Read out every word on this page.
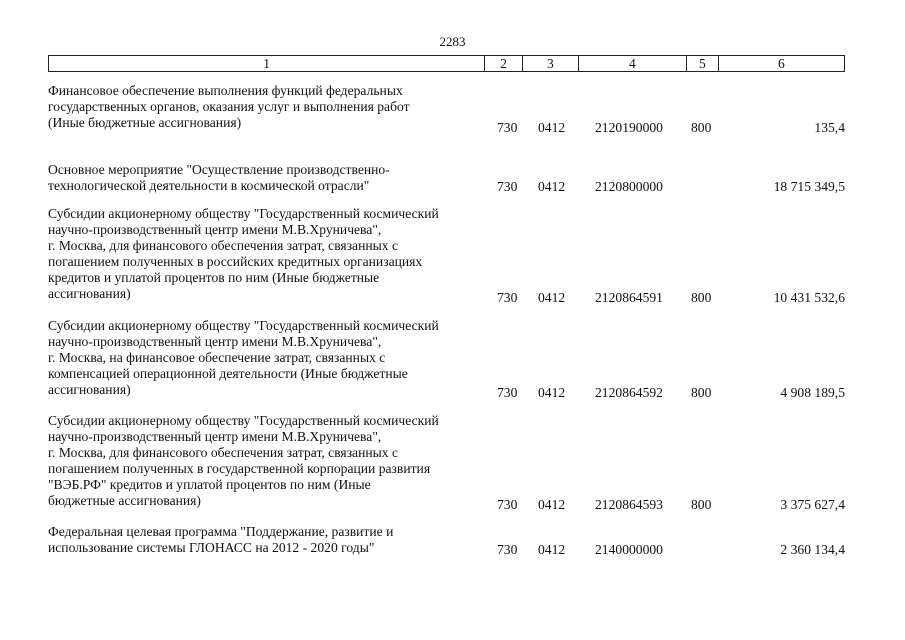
2283
1	2	3	4	5	6
Финансовое обеспечение выполнения функций федеральных
государственных органов, оказания услуг и выполнения работ
(Иные бюджетные ассигнования)	730 0412 2120190000 800	135,4
Основное мероприятие "Осуществление производственно-
технологической деятельности в космической отрасли"	730 0412 2120800000	18 715 349,5
Субсидии акционерному обществу "Государственный космический
научно-производственный центр имени М.В.Хруничева",
г. Москва, для финансового обеспечения затрат, связанных с
погашением полученных в российских кредитных организациях
кредитов и уплатой процентов по ним (Иные бюджетные
ассигнования)	730 0412 2120864591 800	10 431 532,6
Субсидии акционерному обществу "Государственный космический
научно-производственный центр имени М.В.Хруничева",
г. Москва, на финансовое обеспечение затрат, связанных с
компенсацией операционной деятельности (Иные бюджетные
ассигнования)	730 0412 2120864592 800	4 908 189,5
Субсидии акционерному обществу "Государственный космический
научно-производственный центр имени М.В.Хруничева",
г. Москва, для финансового обеспечения затрат, связанных с
погашением полученных в государственной корпорации развития
"ВЭБ.РФ" кредитов и уплатой процентов по ним (Иные
бюджетные ассигнования)	730 0412 2120864593 800	3 375 627,4
Федеральная целевая программа "Поддержание, развитие и
использование системы ГЛОНАСС на 2012 - 2020 годы"	730 0412 2140000000	2 360 134,4
